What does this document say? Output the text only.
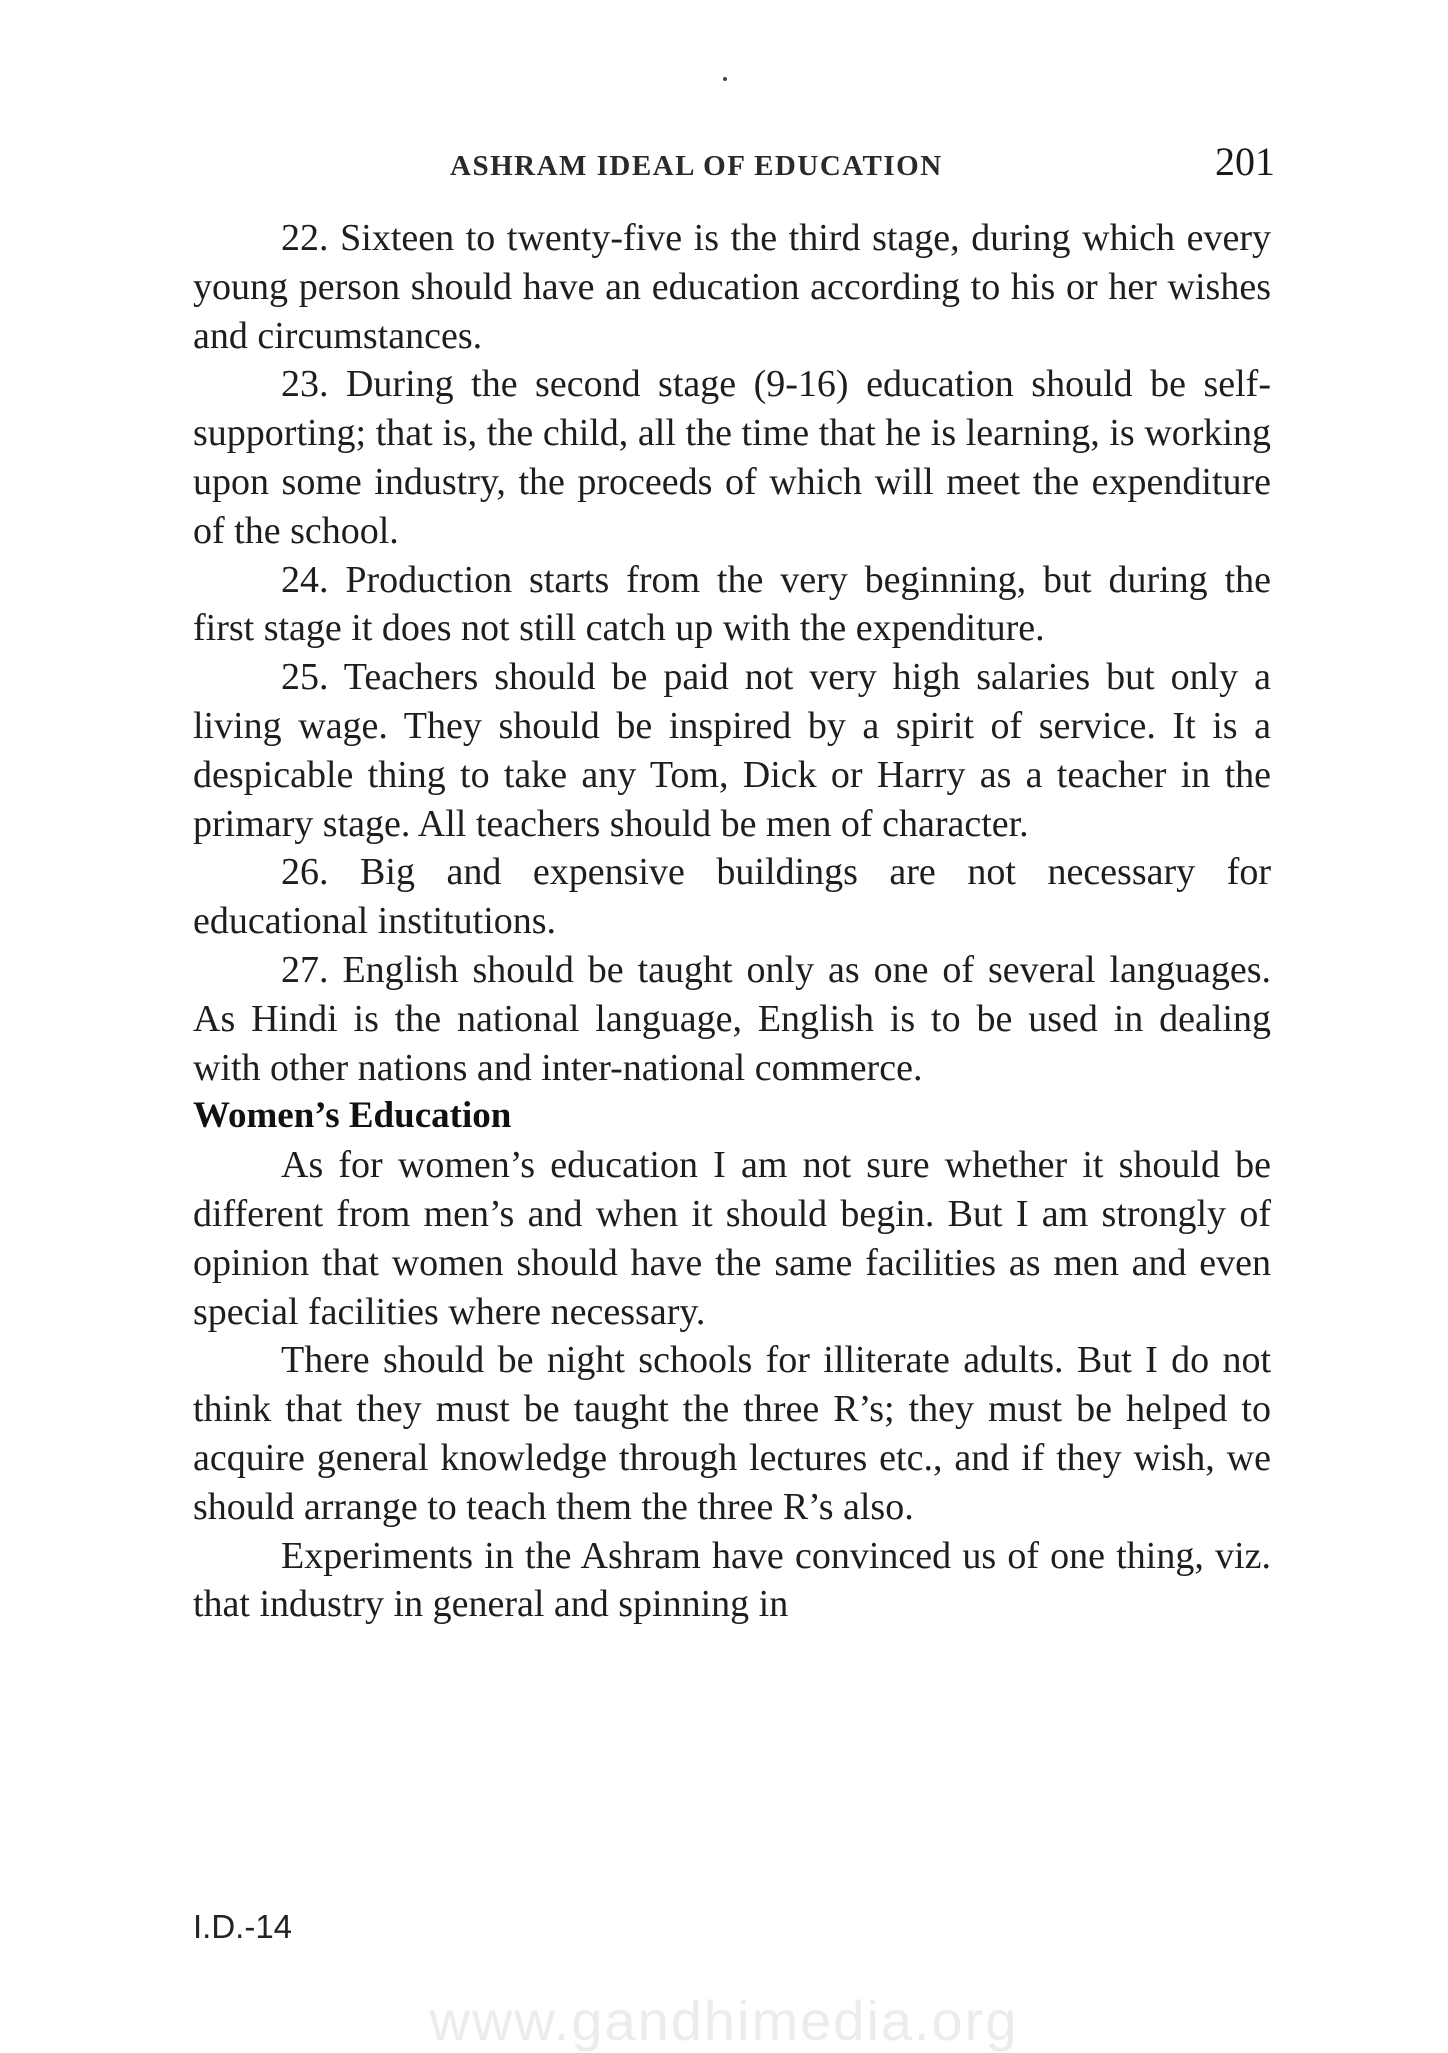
ASHRAM IDEAL OF EDUCATION	201

22. Sixteen to twenty-five is the third stage, during which every young person should have an education according to his or her wishes and circumstances.

23. During the second stage (9-16) education should be self-supporting; that is, the child, all the time that he is learning, is working upon some industry, the proceeds of which will meet the expenditure of the school.

24. Production starts from the very beginning, but during the first stage it does not still catch up with the expenditure.

25. Teachers should be paid not very high salaries but only a living wage. They should be inspired by a spirit of service. It is a despicable thing to take any Tom, Dick or Harry as a teacher in the primary stage. All teachers should be men of character.

26. Big and expensive buildings are not necessary for educational institutions.

27. English should be taught only as one of several languages. As Hindi is the national language, English is to be used in dealing with other nations and inter-national commerce.

Women’s Education

As for women’s education I am not sure whether it should be different from men’s and when it should begin. But I am strongly of opinion that women should have the same facilities as men and even special facilities where necessary.

There should be night schools for illiterate adults. But I do not think that they must be taught the three R’s; they must be helped to acquire general knowledge through lectures etc., and if they wish, we should arrange to teach them the three R’s also.

Experiments in the Ashram have convinced us of one thing, viz. that industry in general and spinning in

I.D.-14
www.gandhimedia.org
